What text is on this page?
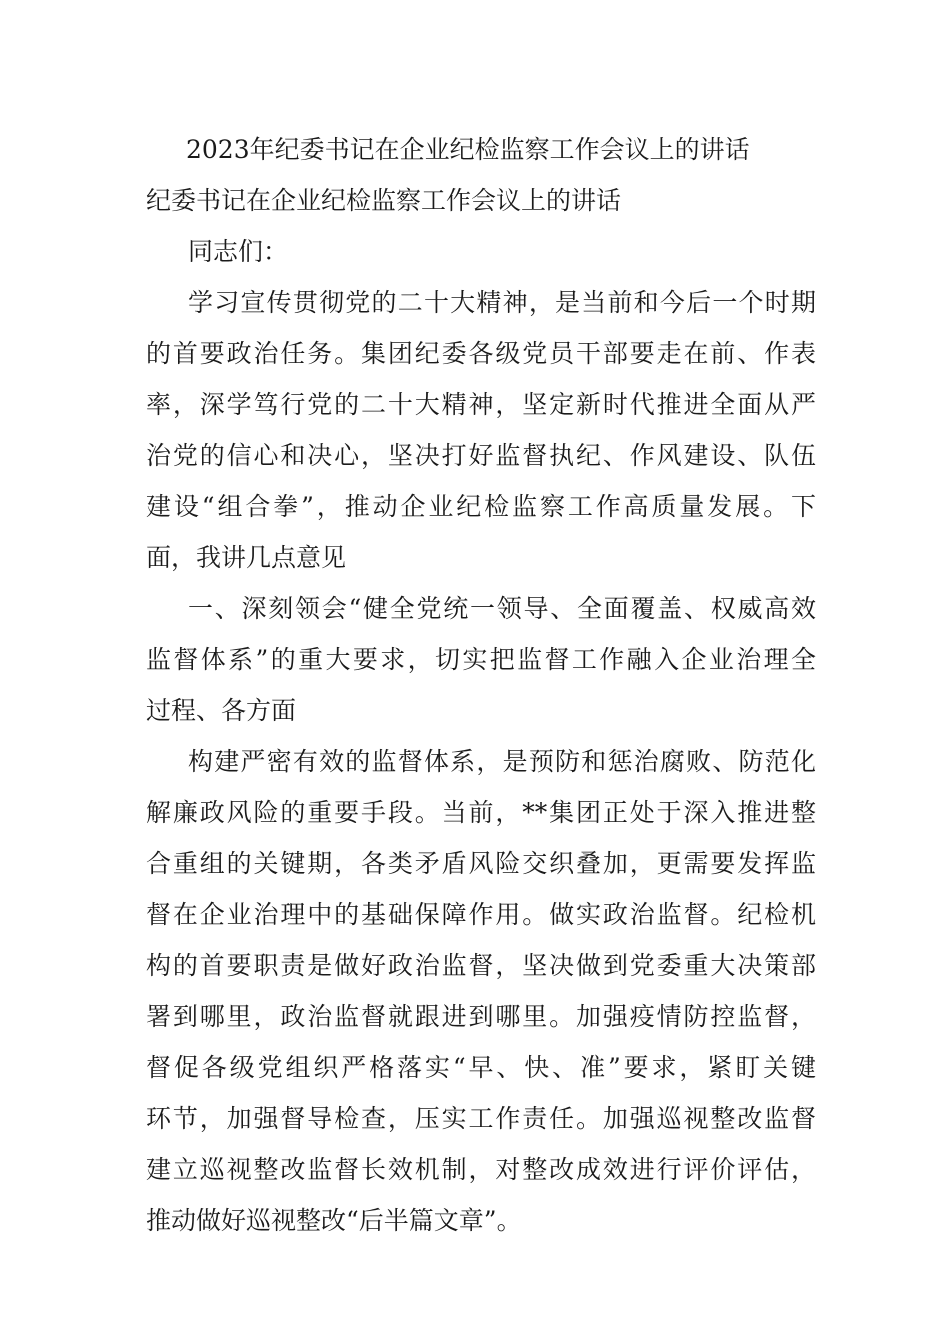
2023年纪委书记在企业纪检监察工作会议上的讲话
纪委书记在企业纪检监察工作会议上的讲话
同志们：
学习宣传贯彻党的二十大精神，是当前和今后一个时期
的首要政治任务。集团纪委各级党员干部要走在前、作表
率，深学笃行党的二十大精神，坚定新时代推进全面从严
治党的信心和决心，坚决打好监督执纪、作风建设、队伍
建设“组合拳”，推动企业纪检监察工作高质量发展。下
面，我讲几点意见
一、深刻领会“健全党统一领导、全面覆盖、权威高效
监督体系”的重大要求，切实把监督工作融入企业治理全
过程、各方面
构建严密有效的监督体系，是预防和惩治腐败、防范化
解廉政风险的重要手段。当前，**集团正处于深入推进整
合重组的关键期，各类矛盾风险交织叠加，更需要发挥监
督在企业治理中的基础保障作用。做实政治监督。纪检机
构的首要职责是做好政治监督，坚决做到党委重大决策部
署到哪里，政治监督就跟进到哪里。加强疫情防控监督，
督促各级党组织严格落实“早、快、准”要求，紧盯关键
环节，加强督导检查，压实工作责任。加强巡视整改监督
建立巡视整改监督长效机制，对整改成效进行评价评估，
推动做好巡视整改“后半篇文章”。
